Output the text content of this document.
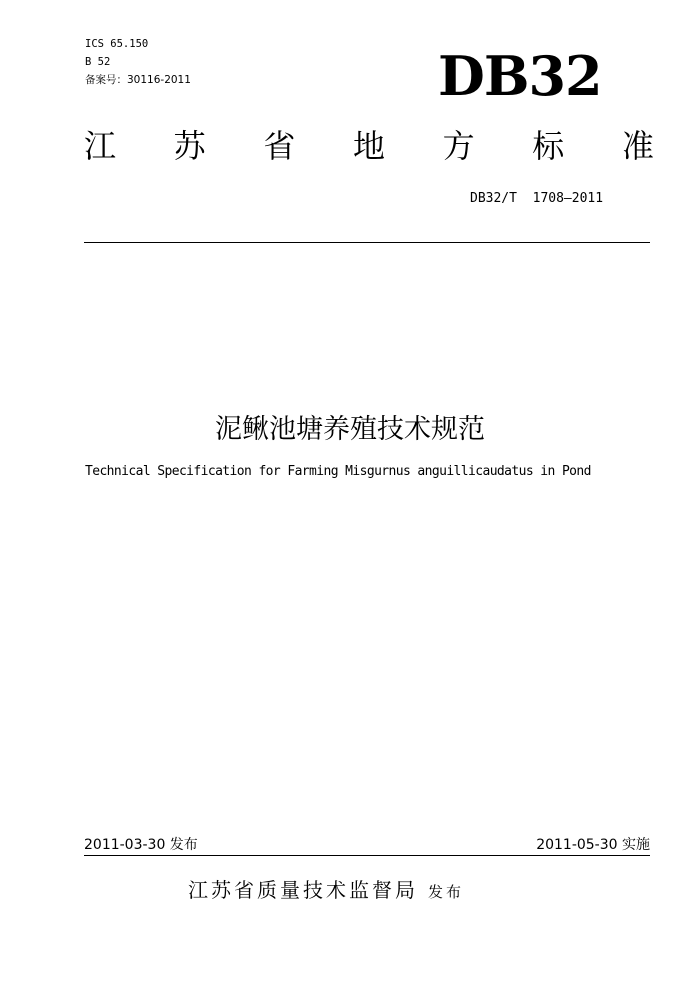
ICS 65.150
B 52
备案号：30116-2011	DB32
江 苏 省 地 方 标 准
DB32/T  1708—2011
泥鳅池塘养殖技术规范
Technical Specification for Farming Misgurnus anguillicaudatus in Pond
2011-03-30 发布	2011-05-30 实施
江苏省质量技术监督局 发布
